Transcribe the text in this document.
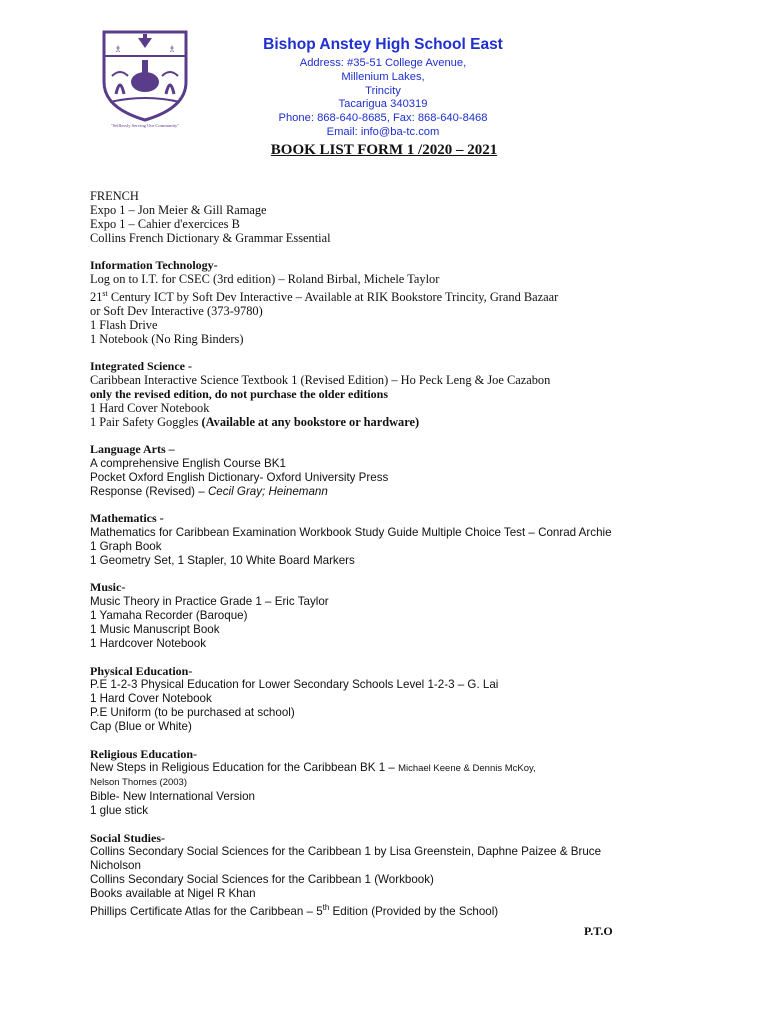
♗	♗
"Selflessly Serving Our Community"
Bishop Anstey High School East
Address: #35-51 College Avenue,
Millenium Lakes,
Trincity
Tacarigua 340319
Phone: 868-640-8685, Fax: 868-640-8468
Email: info@ba-tc.com
BOOK LIST FORM 1 /2020 – 2021
FRENCH
Expo 1 – Jon Meier & Gill Ramage
Expo 1 – Cahier d'exercices B
Collins French Dictionary & Grammar Essential
Information Technology-
Log on to I.T. for CSEC (3rd edition) – Roland Birbal, Michele Taylor
21st Century ICT by Soft Dev Interactive – Available at RIK Bookstore Trincity, Grand Bazaar
or Soft Dev Interactive (373-9780)
1 Flash Drive
1 Notebook (No Ring Binders)
Integrated Science -
Caribbean Interactive Science Textbook 1 (Revised Edition) – Ho Peck Leng & Joe Cazabon
only the revised edition, do not purchase the older editions
1 Hard Cover Notebook
1 Pair Safety Goggles (Available at any bookstore or hardware)
Language Arts –
A comprehensive English Course BK1
Pocket Oxford English Dictionary- Oxford University Press
Response (Revised) – Cecil Gray; Heinemann
Mathematics -
Mathematics for Caribbean Examination Workbook Study Guide Multiple Choice Test – Conrad Archie
1 Graph Book
1 Geometry Set, 1 Stapler, 10 White Board Markers
Music-
Music Theory in Practice Grade 1 – Eric Taylor
1 Yamaha Recorder (Baroque)
1 Music Manuscript Book
1 Hardcover Notebook
Physical Education-
P.E 1-2-3 Physical Education for Lower Secondary Schools Level 1-2-3 – G. Lai
1 Hard Cover Notebook
P.E Uniform (to be purchased at school)
Cap (Blue or White)
Religious Education-
New Steps in Religious Education for the Caribbean BK 1 – Michael Keene & Dennis McKoy,
Nelson Thornes (2003)
Bible- New International Version
1 glue stick
Social Studies-
Collins Secondary Social Sciences for the Caribbean 1 by Lisa Greenstein, Daphne Paizee & Bruce Nicholson
Collins Secondary Social Sciences for the Caribbean 1 (Workbook)
Books available at Nigel R Khan
Phillips Certificate Atlas for the Caribbean – 5th Edition (Provided by the School)
P.T.O
